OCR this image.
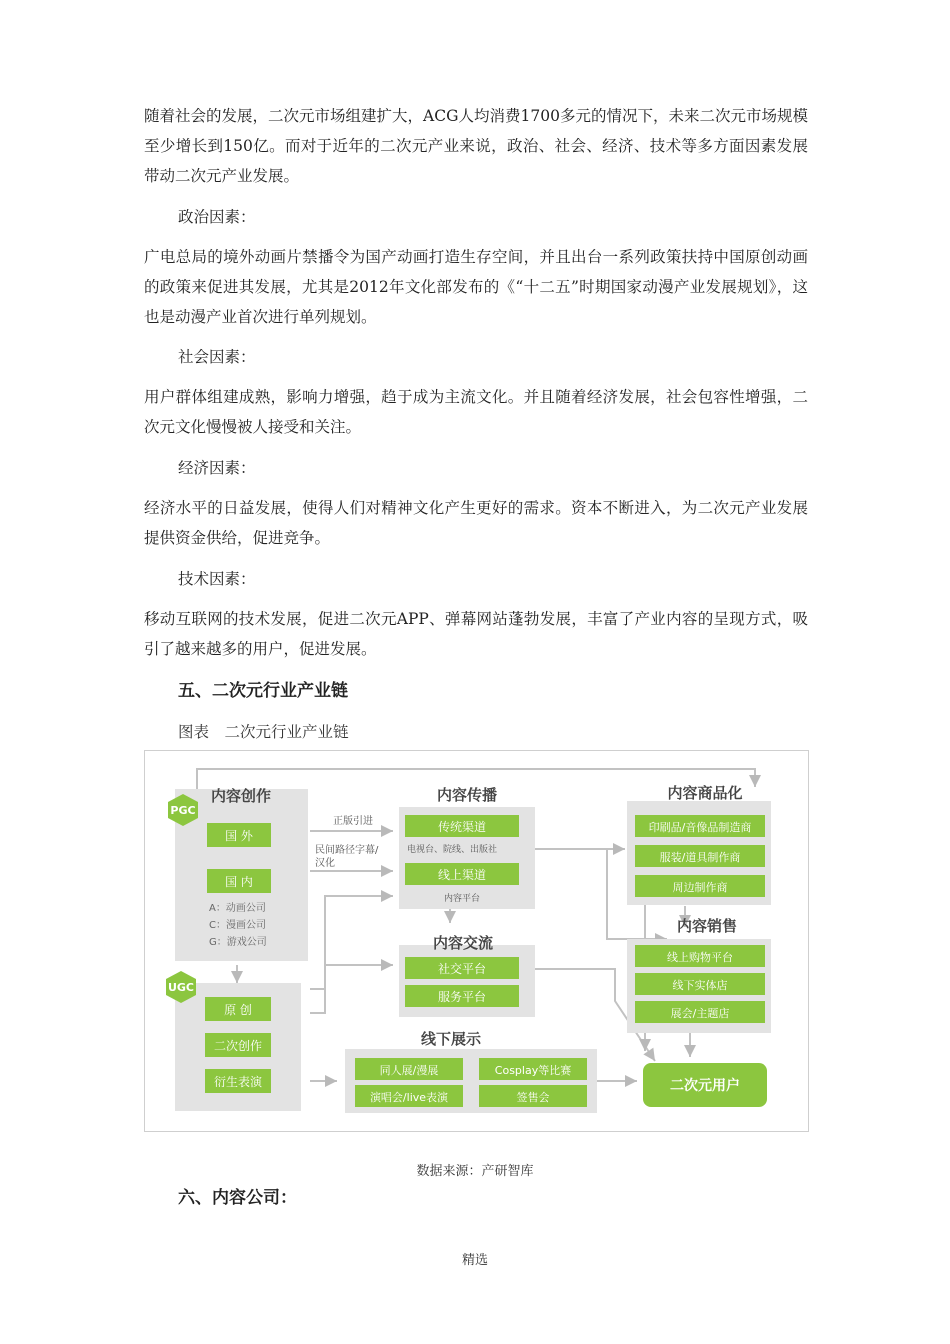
随着社会的发展，二次元市场组建扩大，ACG人均消费1700多元的情况下，未来二次元市场规模至少增长到150亿。而对于近年的二次元产业来说，政治、社会、经济、技术等多方面因素发展带动二次元产业发展。

政治因素：

广电总局的境外动画片禁播令为国产动画打造生存空间，并且出台一系列政策扶持中国原创动画的政策来促进其发展，尤其是2012年文化部发布的《“十二五”时期国家动漫产业发展规划》，这也是动漫产业首次进行单列规划。

社会因素：

用户群体组建成熟，影响力增强，趋于成为主流文化。并且随着经济发展，社会包容性增强，二次元文化慢慢被人接受和关注。

经济因素：

经济水平的日益发展，使得人们对精神文化产生更好的需求。资本不断进入，为二次元产业发展提供资金供给，促进竞争。

技术因素：

移动互联网的技术发展，促进二次元APP、弹幕网站蓬勃发展，丰富了产业内容的呈现方式，吸引了越来越多的用户，促进发展。

五、二次元行业产业链

图表　二次元行业产业链

PGC
UGC
内容创作
国 外
国 内
A：动画公司
C：漫画公司
G：游戏公司
原 创
二次创作
衍生表演
正版引进
民间路径字幕/
汉化
内容传播
传统渠道
电视台、院线、出版社
线上渠道
内容平台
内容交流
社交平台
服务平台
线下展示
同人展/漫展	Cosplay等比赛
演唱会/live表演	签售会
内容商品化
印刷品/音像品制造商
服装/道具制作商
周边制作商
内容销售
线上购物平台
线下实体店
展会/主题店
二次元用户

数据来源：产研智库

六、内容公司：

精选
